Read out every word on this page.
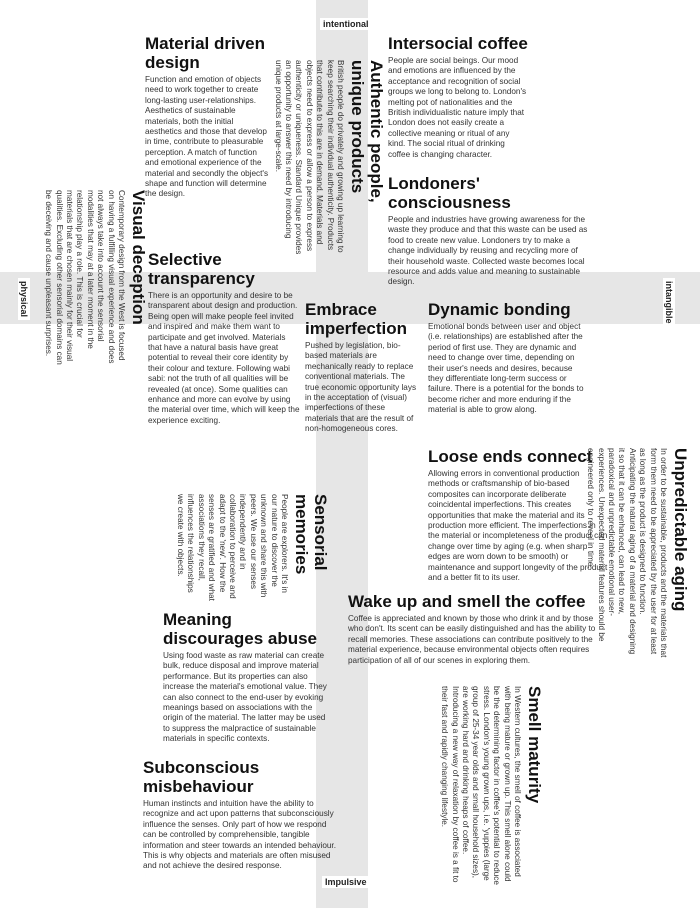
intentional
Impulsive
physical	intangible
Material driven design

Function and emotion of objects need to work together to create long-lasting user-relationships. Aesthetics of sustainable materials, both the initial aesthetics and those that develop in time, contribute to pleasurable perception. A match of function and emotional experience of the material and secondly the object's shape and function will determine the design.	Authentic people, unique products

British people do privately and growing up learning to keep searching their individual authenticity. Products that contribute to this are in demand. Materials and objects need to express or allow a person to express authenticity or uniqueness. Standard Unique provides an opportunity to answer this need by introducing unique products at large-scale.

Intersocial coffee

People are social beings. Our mood and emotions are influenced by the acceptance and recognition of social groups we long to belong to. London's melting pot of nationalities and the British individualistic nature imply that London does not easily create a collective meaning or ritual of any kind. The social ritual of drinking coffee is changing character.

Londoners' consciousness

People and industries have growing awareness for the waste they produce and that this waste can be used as food to create new value. Londoners try to make a change individually by reusing and recycling more of their household waste. Collected waste becomes local resource and adds value and meaning to sustainable design.

Visual deception

Contemporary design from the West is focused on having a fulfilling visual experience and does not always take into account the sensorial modalities that may at a later moment in the relationship play a role. This is crucial for materials that are chosen mainly for their visual qualities. Excluding other sensorial domains can be deceiving and cause unpleasant surprises.	Selective transparency

There is an opportunity and desire to be transparent about design and production. Being open will make people feel invited and inspired and make them want to participate and get involved. Materials that have a natural basis have great potential to reveal their core identity by their colour and texture. Following wabi sabi: not the truth of all qualities will be revealed (at once). Some qualities can enhance and more can evolve by using the material over time, which will keep the experience exciting.

Embrace imperfection

Pushed by legislation, bio-based materials are mechanically ready to replace conventional materials. The true economic opportunity lays in the acceptation of (visual) imperfections of these materials that are the result of non-homogeneous cores.

Dynamic bonding

Emotional bonds between user and object (i.e. relationships) are established after the period of first use. They are dynamic and need to change over time, depending on their user's needs and desires, because they differentiate long-term success or failure. There is a potential for the bonds to become richer and more enduring if the material is able to grow along.

Loose ends connect

Allowing errors in conventional production methods or craftsmanship of bio-based composites can incorporate deliberate coincidental imperfections. This creates opportunities that make the material and its production more efficient. The imperfections in the material or incompleteness of the product can change over time by aging (e.g. when sharp edges are worn down to be smooth) or maintenance and support longevity of the product and a better fit to its user.	Unpredictable aging

In order to be sustainable, products and the materials that form them need to be appreciated by the user for at least as long as the product is designed to function. Anticipating the natural aging of a material and designing it so that it can be enhanced, can lead to new, paradoxical and unpredictable emotional user-experiences. Unexpected material features should be engineered only to reveal in time.

Sensorial memories

People are explorers. It's in our nature to discover the unknown and share this with peers. We use our senses independently and in collaboration to perceive and adapt to the 'new'. How the senses are gratified and what associations they recall, influences the relationships we create with objects.

Wake up and smell the coffee

Coffee is appreciated and known by those who drink it and by those who don't. Its scent can be easily distinguished and has the ability to recall memories. These associations can contribute positively to the material experience, because environmental objects often requires participation of all of our scenes in exploring them.

Meaning discourages abuse

Using food waste as raw material can create bulk, reduce disposal and improve material performance. But its properties can also increase the material's emotional value. They can also connect to the end-user by evoking meanings based on associations with the origin of the material. The latter may be used to suppress the malpractice of sustainable materials in specific contexts.	Smell maturity

In Western cultures, the smell of coffee is associated with being mature or grown up. This smell alone could be the determining factor in coffee's potential to reduce stress. London's young grown ups, i.e. 'yuppies (large group of 25-34 year olds and small household sizes), are working hard and drinking heaps of coffee. Introducing a new way of relaxation by coffee is a fit to their fast and rapidly changing lifestyle.

Subconscious misbehaviour

Human instincts and intuition have the ability to recognize and act upon patterns that subconsciously influence the senses. Only part of how we respond can be controlled by comprehensible, tangible information and steer towards an intended behaviour. This is why objects and materials are often misused and not achieve the desired response.
